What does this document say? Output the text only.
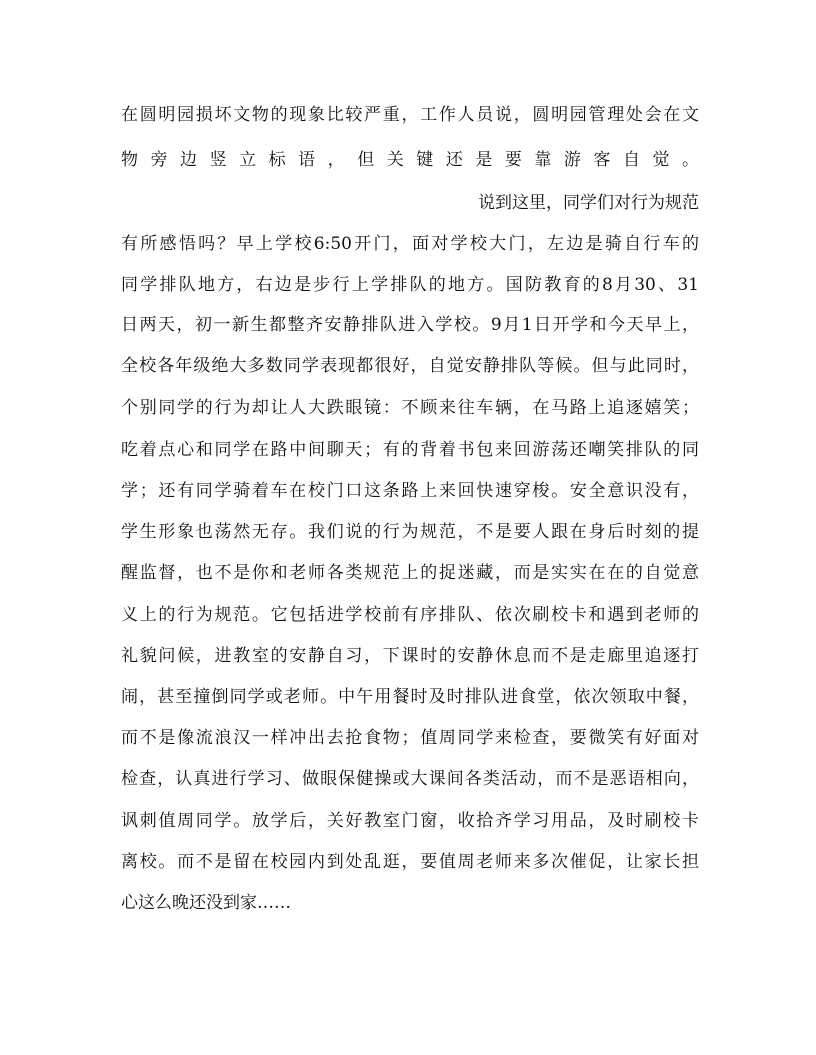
在圆明园损坏文物的现象比较严重，工作人员说，圆明园管理处会在文
物旁边竖立标语，但关键还是要靠游客自觉。
说到这里，同学们对行为规范
有所感悟吗？早上学校6:50开门，面对学校大门，左边是骑自行车的
同学排队地方，右边是步行上学排队的地方。国防教育的8月30、31
日两天，初一新生都整齐安静排队进入学校。9月1日开学和今天早上，
全校各年级绝大多数同学表现都很好，自觉安静排队等候。但与此同时，
个别同学的行为却让人大跌眼镜：不顾来往车辆，在马路上追逐嬉笑；
吃着点心和同学在路中间聊天；有的背着书包来回游荡还嘲笑排队的同
学；还有同学骑着车在校门口这条路上来回快速穿梭。安全意识没有，
学生形象也荡然无存。我们说的行为规范，不是要人跟在身后时刻的提
醒监督，也不是你和老师各类规范上的捉迷藏，而是实实在在的自觉意
义上的行为规范。它包括进学校前有序排队、依次刷校卡和遇到老师的
礼貌问候，进教室的安静自习，下课时的安静休息而不是走廊里追逐打
闹，甚至撞倒同学或老师。中午用餐时及时排队进食堂，依次领取中餐，
而不是像流浪汉一样冲出去抢食物；值周同学来检查，要微笑有好面对
检查，认真进行学习、做眼保健操或大课间各类活动，而不是恶语相向，
讽刺值周同学。放学后，关好教室门窗，收拾齐学习用品，及时刷校卡
离校。而不是留在校园内到处乱逛，要值周老师来多次催促，让家长担
心这么晚还没到家……
